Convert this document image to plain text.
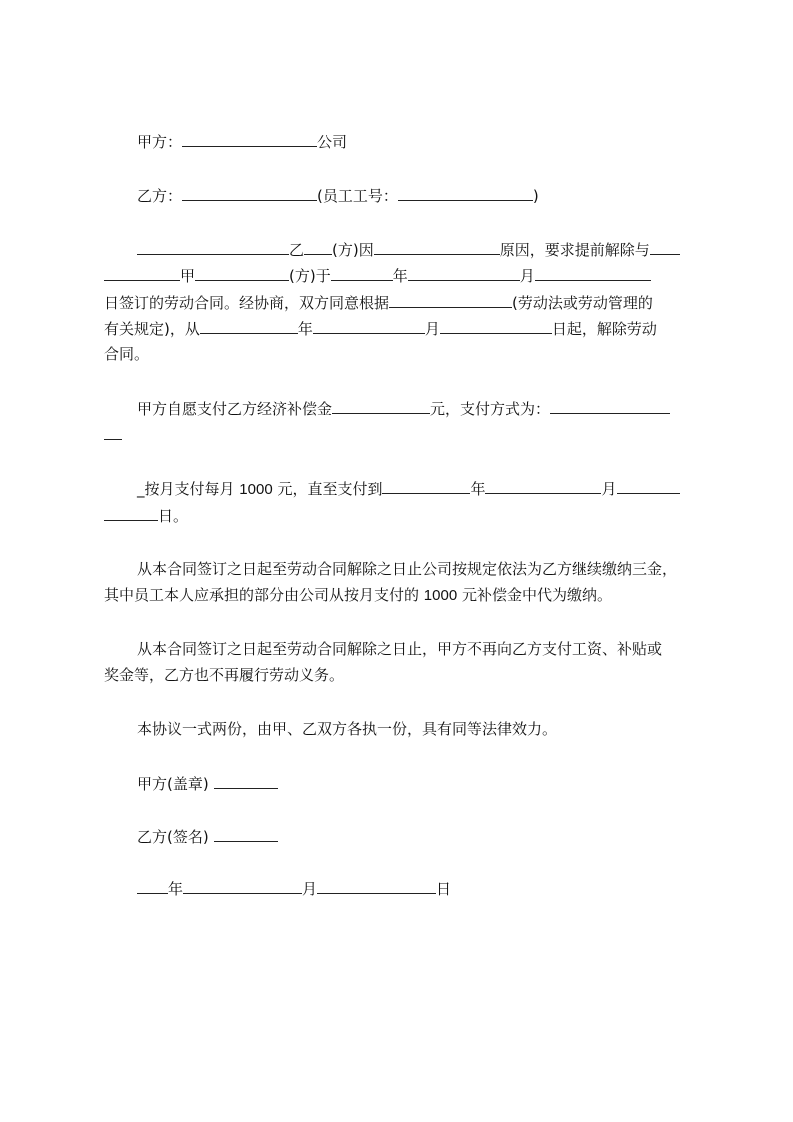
甲方：	公司
乙方：	(员工工号：	)
乙 (方)因	原因，要求提前解除与
甲	(方)于	年	月
日签订的劳动合同。经协商，双方同意根据	(劳动法或劳动管理的
有关规定)，从	年	月	日起，解除劳动
合同。
甲方自愿支付乙方经济补偿金	元，支付方式为：
_按月支付每月 1000 元，直至支付到	年	月
日。
从本合同签订之日起至劳动合同解除之日止公司按规定依法为乙方继续缴纳三金，
其中员工本人应承担的部分由公司从按月支付的 1000 元补偿金中代为缴纳。
从本合同签订之日起至劳动合同解除之日止，甲方不再向乙方支付工资、补贴或
奖金等，乙方也不再履行劳动义务。
本协议一式两份，由甲、乙双方各执一份，具有同等法律效力。
甲方(盖章)
乙方(签名)
年	月	日
